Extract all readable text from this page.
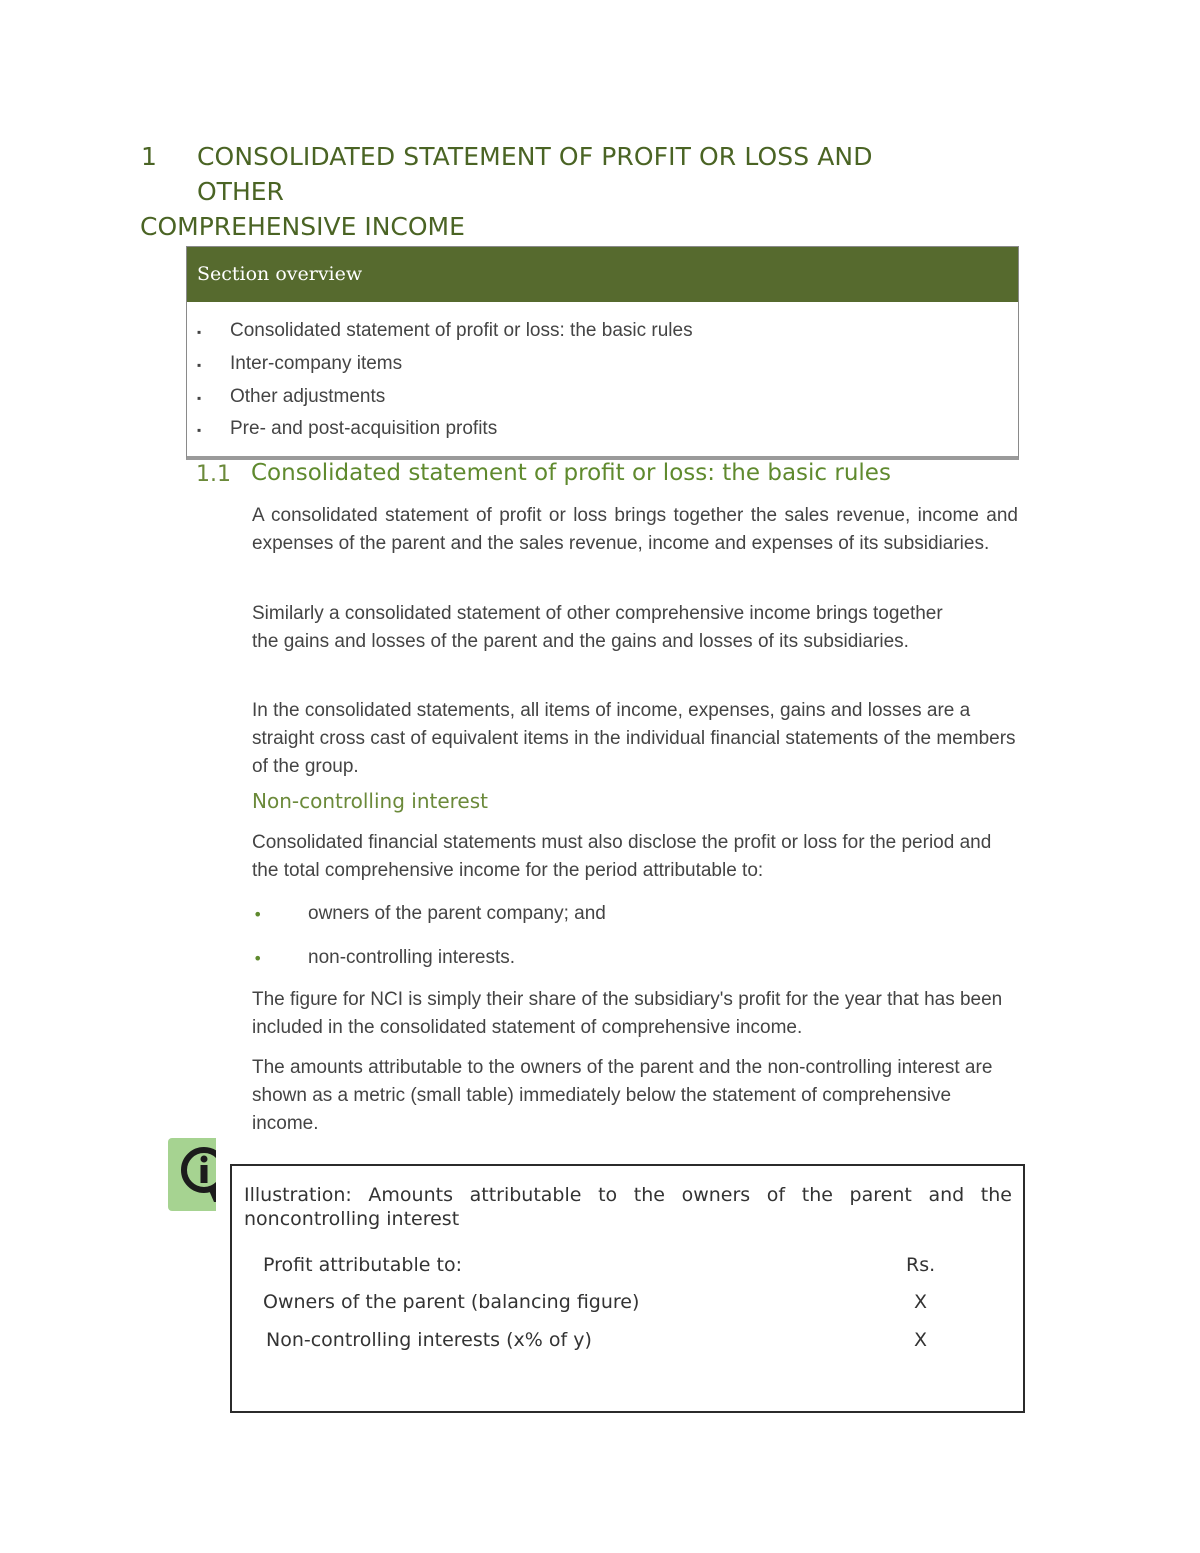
1 CONSOLIDATED STATEMENT OF PROFIT OR LOSS AND
OTHER
COMPREHENSIVE INCOME
Section overview
▪ Consolidated statement of profit or loss: the basic rules
▪ Inter-company items
▪ Other adjustments
▪ Pre- and post-acquisition profits
1.1 Consolidated statement of profit or loss: the basic rules
A consolidated statement of profit or loss brings together the sales revenue, income and expenses of the parent and the sales revenue, income and expenses of its subsidiaries.
Similarly a consolidated statement of other comprehensive income brings together the gains and losses of the parent and the gains and losses of its subsidiaries.
In the consolidated statements, all items of income, expenses, gains and losses are a straight cross cast of equivalent items in the individual financial statements of the members of the group.
Non-controlling interest
Consolidated financial statements must also disclose the profit or loss for the period and the total comprehensive income for the period attributable to:
• owners of the parent company; and
• non-controlling interests.
The figure for NCI is simply their share of the subsidiary's profit for the year that has been included in the consolidated statement of comprehensive income.
The amounts attributable to the owners of the parent and the non-controlling interest are shown as a metric (small table) immediately below the statement of comprehensive income.
Illustration: Amounts attributable to the owners of the parent and the noncontrolling interest
Profit attributable to:	Rs.
Owners of the parent (balancing figure)	X
Non-controlling interests (x% of y)	X
